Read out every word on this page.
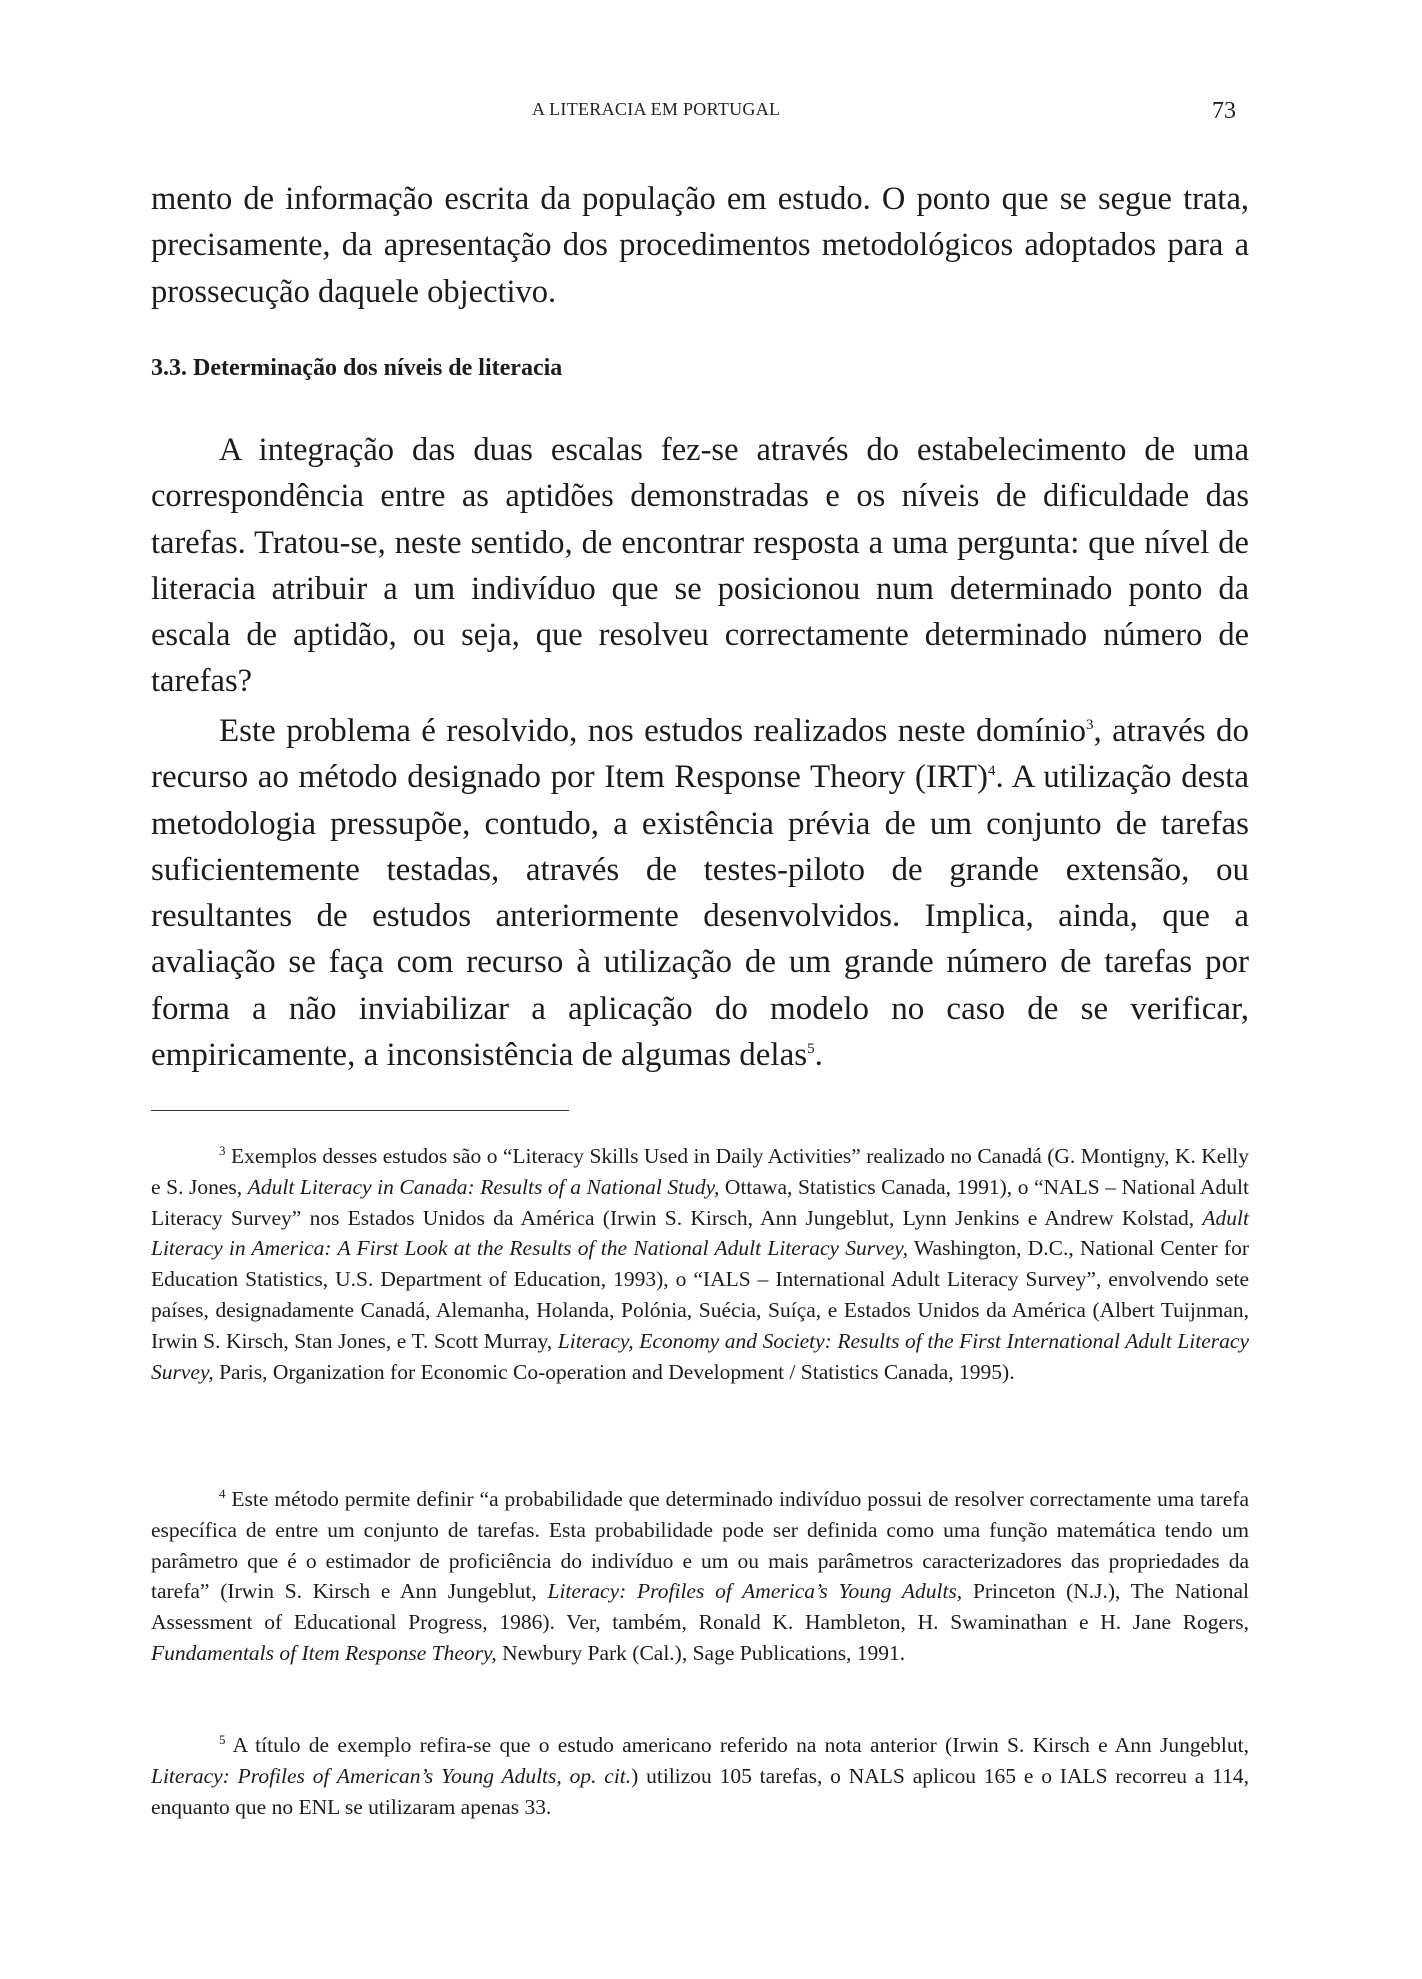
A LITERACIA EM PORTUGAL	73

mento de informação escrita da população em estudo. O ponto que se segue trata, precisamente, da apresentação dos procedimentos metodológicos adoptados para a prossecução daquele objectivo.

3.3. Determinação dos níveis de literacia

A integração das duas escalas fez-se através do estabelecimento de uma correspondência entre as aptidões demonstradas e os níveis de dificuldade das tarefas. Tratou-se, neste sentido, de encontrar resposta a uma pergunta: que nível de literacia atribuir a um indivíduo que se posicionou num determinado ponto da escala de aptidão, ou seja, que resolveu correctamente determinado número de tarefas?

Este problema é resolvido, nos estudos realizados neste domínio$^3$, através do recurso ao método designado por Item Response Theory (IRT)$^4$. A utilização desta metodologia pressupõe, contudo, a existência prévia de um conjunto de tarefas suficientemente testadas, através de testes-piloto de grande extensão, ou resultantes de estudos anteriormente desenvolvidos. Implica, ainda, que a avaliação se faça com recurso à utilização de um grande número de tarefas por forma a não inviabilizar a aplicação do modelo no caso de se verificar, empiricamente, a inconsistência de algumas delas$^5$.

$^3$ Exemplos desses estudos são o “Literacy Skills Used in Daily Activities” realizado no Canadá (G. Montigny, K. Kelly e S. Jones, Adult Literacy in Canada: Results of a National Study, Ottawa, Statistics Canada, 1991), o “NALS – National Adult Literacy Survey” nos Estados Unidos da América (Irwin S. Kirsch, Ann Jungeblut, Lynn Jenkins e Andrew Kolstad, Adult Literacy in America: A First Look at the Results of the National Adult Literacy Survey, Washington, D.C., National Center for Education Statistics, U.S. Department of Education, 1993), o “IALS – International Adult Literacy Survey”, envolvendo sete países, designadamente Canadá, Alemanha, Holanda, Polónia, Suécia, Suíça, e Estados Unidos da América (Albert Tuijnman, Irwin S. Kirsch, Stan Jones, e T. Scott Murray, Literacy, Economy and Society: Results of the First International Adult Literacy Survey, Paris, Organization for Economic Co-operation and Development / Statistics Canada, 1995).

$^4$ Este método permite definir “a probabilidade que determinado indivíduo possui de resolver correctamente uma tarefa específica de entre um conjunto de tarefas. Esta probabilidade pode ser definida como uma função matemática tendo um parâmetro que é o estimador de proficiência do indivíduo e um ou mais parâmetros caracterizadores das propriedades da tarefa” (Irwin S. Kirsch e Ann Jungeblut, Literacy: Profiles of America’s Young Adults, Princeton (N.J.), The National Assessment of Educational Progress, 1986). Ver, também, Ronald K. Hambleton, H. Swaminathan e H. Jane Rogers, Fundamentals of Item Response Theory, Newbury Park (Cal.), Sage Publications, 1991.

$^5$ A título de exemplo refira-se que o estudo americano referido na nota anterior (Irwin S. Kirsch e Ann Jungeblut, Literacy: Profiles of American’s Young Adults, op. cit.) utilizou 105 tarefas, o NALS aplicou 165 e o IALS recorreu a 114, enquanto que no ENL se utilizaram apenas 33.
